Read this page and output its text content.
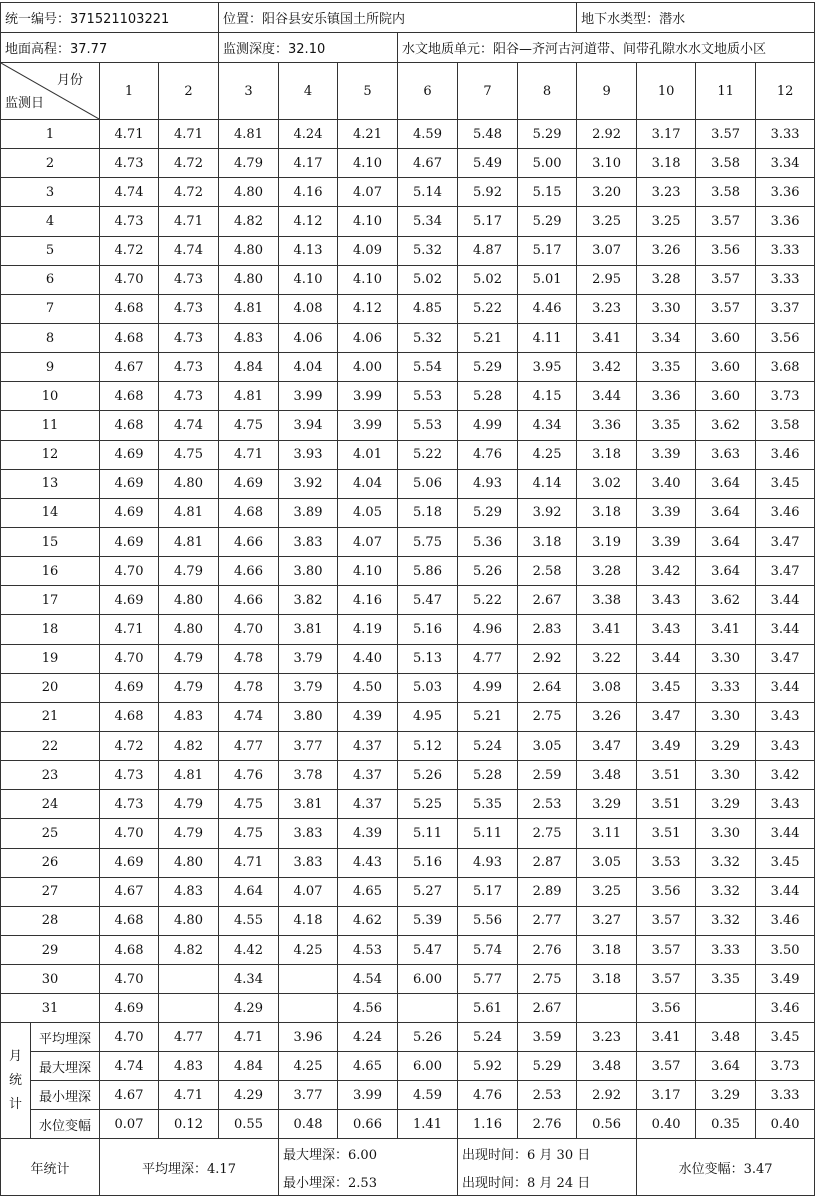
统一编号：371521103221				位置：阳谷县安乐镇国土所院内						地下水类型：潜水			
地面高程：37.77				监测深度：32.10			水文地质单元：阳谷—齐河古河道带、间带孔隙水水文地质小区						

月份
监测日		1	2	3	4	5	6	7	8	9	10	11	12
1		4.71	4.71	4.81	4.24	4.21	4.59	5.48	5.29	2.92	3.17	3.57	3.33
2		4.73	4.72	4.79	4.17	4.10	4.67	5.49	5.00	3.10	3.18	3.58	3.34
3		4.74	4.72	4.80	4.16	4.07	5.14	5.92	5.15	3.20	3.23	3.58	3.36
4		4.73	4.71	4.82	4.12	4.10	5.34	5.17	5.29	3.25	3.25	3.57	3.36
5		4.72	4.74	4.80	4.13	4.09	5.32	4.87	5.17	3.07	3.26	3.56	3.33
6		4.70	4.73	4.80	4.10	4.10	5.02	5.02	5.01	2.95	3.28	3.57	3.33
7		4.68	4.73	4.81	4.08	4.12	4.85	5.22	4.46	3.23	3.30	3.57	3.37
8		4.68	4.73	4.83	4.06	4.06	5.32	5.21	4.11	3.41	3.34	3.60	3.56
9		4.67	4.73	4.84	4.04	4.00	5.54	5.29	3.95	3.42	3.35	3.60	3.68
10		4.68	4.73	4.81	3.99	3.99	5.53	5.28	4.15	3.44	3.36	3.60	3.73
11		4.68	4.74	4.75	3.94	3.99	5.53	4.99	4.34	3.36	3.35	3.62	3.58
12		4.69	4.75	4.71	3.93	4.01	5.22	4.76	4.25	3.18	3.39	3.63	3.46
13		4.69	4.80	4.69	3.92	4.04	5.06	4.93	4.14	3.02	3.40	3.64	3.45
14		4.69	4.81	4.68	3.89	4.05	5.18	5.29	3.92	3.18	3.39	3.64	3.46
15		4.69	4.81	4.66	3.83	4.07	5.75	5.36	3.18	3.19	3.39	3.64	3.47
16		4.70	4.79	4.66	3.80	4.10	5.86	5.26	2.58	3.28	3.42	3.64	3.47
17		4.69	4.80	4.66	3.82	4.16	5.47	5.22	2.67	3.38	3.43	3.62	3.44
18		4.71	4.80	4.70	3.81	4.19	5.16	4.96	2.83	3.41	3.43	3.41	3.44
19		4.70	4.79	4.78	3.79	4.40	5.13	4.77	2.92	3.22	3.44	3.30	3.47
20		4.69	4.79	4.78	3.79	4.50	5.03	4.99	2.64	3.08	3.45	3.33	3.44
21		4.68	4.83	4.74	3.80	4.39	4.95	5.21	2.75	3.26	3.47	3.30	3.43
22		4.72	4.82	4.77	3.77	4.37	5.12	5.24	3.05	3.47	3.49	3.29	3.43
23		4.73	4.81	4.76	3.78	4.37	5.26	5.28	2.59	3.48	3.51	3.30	3.42
24		4.73	4.79	4.75	3.81	4.37	5.25	5.35	2.53	3.29	3.51	3.29	3.43
25		4.70	4.79	4.75	3.83	4.39	5.11	5.11	2.75	3.11	3.51	3.30	3.44
26		4.69	4.80	4.71	3.83	4.43	5.16	4.93	2.87	3.05	3.53	3.32	3.45
27		4.67	4.83	4.64	4.07	4.65	5.27	5.17	2.89	3.25	3.56	3.32	3.44
28		4.68	4.80	4.55	4.18	4.62	5.39	5.56	2.77	3.27	3.57	3.32	3.46
29		4.68	4.82	4.42	4.25	4.53	5.47	5.74	2.76	3.18	3.57	3.33	3.50
30		4.70		4.34		4.54	6.00	5.77	2.75	3.18	3.57	3.35	3.49
31		4.69		4.29		4.56		5.61	2.67		3.56		3.46

月
统
计	平均埋深	4.70	4.77	4.71	3.96	4.24	5.26	5.24	3.59	3.23	3.41	3.48	3.45
	最大埋深	4.74	4.83	4.84	4.25	4.65	6.00	5.92	5.29	3.48	3.57	3.64	3.73
	最小埋深	4.67	4.71	4.29	3.77	3.99	4.59	4.76	2.53	2.92	3.17	3.29	3.33
	水位变幅	0.07	0.12	0.55	0.48	0.66	1.41	1.16	2.76	0.56	0.40	0.35	0.40
年统计		平均埋深：4.17			最大埋深：6.00			出现时间：6 月 30 日			水位变幅：3.47		
					最小埋深：2.53			出现时间：8 月 24 日					
